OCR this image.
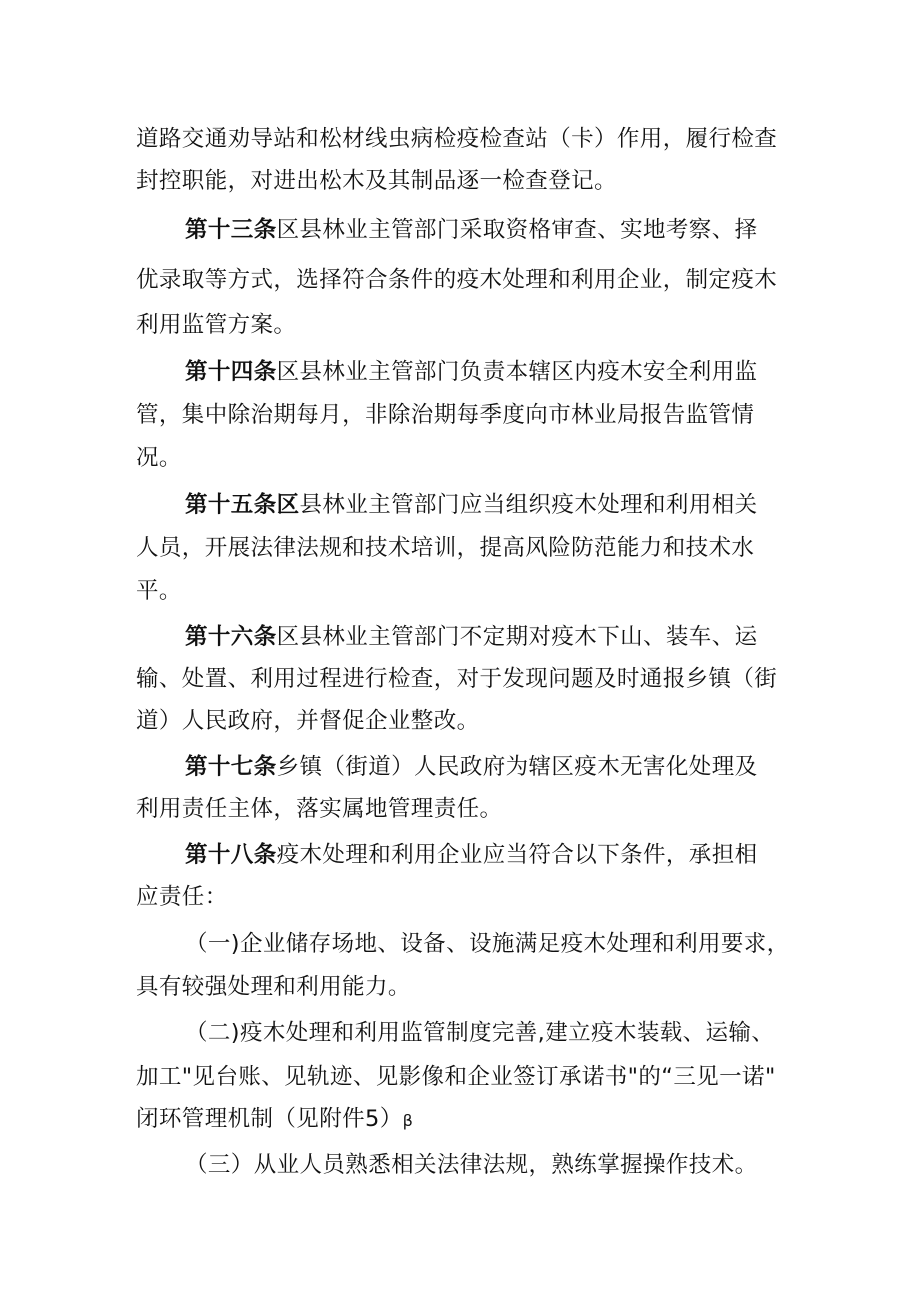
道路交通劝导站和松材线虫病检疫检查站（卡）作用，履行检查
封控职能，对进出松木及其制品逐一检查登记。
第十三条区县林业主管部门采取资格审查、实地考察、择
优录取等方式，选择符合条件的疫木处理和利用企业，制定疫木
利用监管方案。
第十四条区县林业主管部门负责本辖区内疫木安全利用监
管，集中除治期每月，非除治期每季度向市林业局报告监管情
况。
第十五条区县林业主管部门应当组织疫木处理和利用相关
人员，开展法律法规和技术培训，提高风险防范能力和技术水
平。
第十六条区县林业主管部门不定期对疫木下山、装车、运
输、处置、利用过程进行检查，对于发现问题及时通报乡镇（街
道）人民政府，并督促企业整改。
第十七条乡镇（街道）人民政府为辖区疫木无害化处理及
利用责任主体，落实属地管理责任。
第十八条疫木处理和利用企业应当符合以下条件，承担相
应责任：
（一)企业储存场地、设备、设施满足疫木处理和利用要求，
具有较强处理和利用能力。
（二)疫木处理和利用监管制度完善,建立疫木装载、运输、
加工"见台账、见轨迹、见影像和企业签订承诺书"的“三见一诺"
闭环管理机制（见附件5）β
（三）从业人员熟悉相关法律法规，熟练掌握操作技术。
